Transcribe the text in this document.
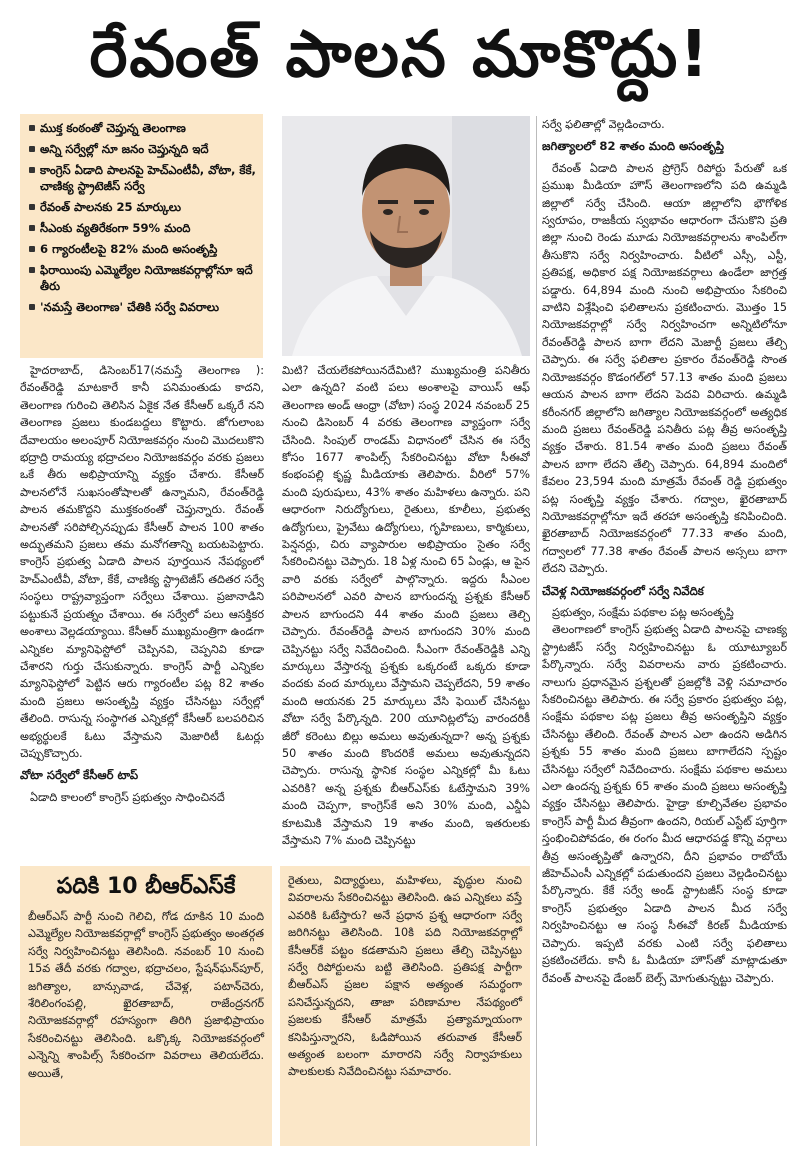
రేవంత్ పాలన మాకొద్దు!
ముక్త కంఠంతో చెప్తున్న తెలంగాణ
అన్ని సర్వేల్లో నూ జనం చెప్తున్నది ఇదే
కాంగ్రెస్ ఏడాది పాలనపై హెచ్ఎంటీవీ, వోటా, కేకే, చాణిక్య స్ట్రాటెజీస్ సర్వే
రేవంత్ పాలనకు 25 మార్కులు
సీఎంకు వ్యతిరేకంగా 59% మంది
6 గ్యారంటీలపై 82% మంది అసంతృప్తి
ఫిరాయింపు ఎమ్మెల్యేల నియోజకవర్గాల్లోనూ ఇదే తీరు
'నమస్తే తెలంగాణ' చేతికి సర్వే వివరాలు

హైదరాబాద్, డిసెంబర్17(నమస్తే తెలంగాణ ): రేవంత్‌రెడ్డి మాటకారే కానీ పనిమంతుడు కాదని, తెలంగాణ గురించి తెలిసిన ఏకైక నేత కేసీఆర్ ఒక్కరే నని తెలంగాణ ప్రజలు కుండబద్దలు కొట్టారు. జోగులాంబ దేవాలయం అలంపూర్ నియోజకవర్గం నుంచి మొదలుకొని భద్రాద్రి రామయ్య భద్రాచలం నియోజకవర్గం వరకు ప్రజలు ఒకే తీరు అభిప్రాయాన్ని వ్యక్తం చేశారు. కేసీఆర్ పాలనలోనే సుఖసంతోషాలతో ఉన్నామని, రేవంత్‌రెడ్డి పాలన తమకొద్దని ముక్తకంఠంతో చెప్తున్నారు. రేవంత్ పాలనతో సరిపోల్చినప్పుడు కేసీఆర్ పాలన 100 శాతం అద్భుతమని ప్రజలు తమ మనోగతాన్ని బయటపెట్టారు. కాంగ్రెస్ ప్రభుత్వ ఏడాది పాలన పూర్తయిన నేపథ్యంలో హెచ్ఎంటీవీ, వోటా, కేకే, చాణిక్య స్ట్రాటెజీస్ తదితర సర్వే సంస్థలు రాష్ట్రవ్యాప్తంగా సర్వేలు చేశాయి. ప్రజానాడిని పట్టుకునే ప్రయత్నం చేశాయి. ఈ సర్వేలో పలు ఆసక్తికర అంశాలు వెల్లడయ్యాయి. కేసీఆర్ ముఖ్యమంత్రిగా ఉండగా ఎన్నికల మ్యానిఫెస్టోలో చెప్పినవి, చెప్పనివి కూడా చేశారని గుర్తు చేసుకున్నారు. కాంగ్రెస్ పార్టీ ఎన్నికల మ్యానిఫెస్టోలో పెట్టిన ఆరు గ్యారంటీల పట్ల 82 శాతం మంది ప్రజలు అసంతృప్తి వ్యక్తం చేసినట్టు సర్వేల్లో తేలింది. రాసున్న సంస్థాగత ఎన్నికల్లో కేసీఆర్ బలపరిచిన అభ్యర్థులకే ఓటు వేస్తామని మెజారిటీ ఓటర్లు చెప్పుకొచ్చారు.

వోటా సర్వేలో కేసీఆర్ టాప్

ఏడాది కాలంలో కాంగ్రెస్ ప్రభుత్వం సాధించినదే

మిటి? చేయలేకపోయినదేమిటి? ముఖ్యమంత్రి పనితీరు ఎలా ఉన్నది? వంటి పలు అంశాలపై వాయిస్ ఆఫ్ తెలంగాణ అండ్ ఆంధ్రా (వోటా) సంస్థ 2024 నవంబర్ 25 నుంచి డిసెంబర్ 4 వరకు తెలంగాణ వ్యాప్తంగా సర్వే చేసింది. సింపుల్ రాండమ్ విధానంలో చేసిన ఈ సర్వే కోసం 1677 శాంపిల్స్ సేకరించినట్టు వోటా సీఈవో కంభంపల్లి కృష్ణ మీడియాకు తెలిపారు. వీరిలో 57% మంది పురుషులు, 43% శాతం మహిళలు ఉన్నారు. పని ఆధారంగా నిరుద్యోగులు, రైతులు, కూలీలు, ప్రభుత్వ ఉద్యోగులు, ప్రైవేటు ఉద్యోగులు, గృహిణులు, కార్మికులు, పెన్షనర్లు, చిరు వ్యాపారుల అభిప్రాయం సైతం సర్వే సేకరించినట్టు చెప్పారు. 18 ఏళ్ల నుంచి 65 ఏండ్లు, ఆ పైన వారి వరకు సర్వేలో పాల్గొన్నారు. ఇద్దరు సీఎంల పరిపాలనలో ఎవరి పాలన బాగుందన్న ప్రశ్నకు కేసీఆర్ పాలన బాగుందని 44 శాతం మంది ప్రజలు తెల్చి చెప్పారు. రేవంత్‌రెడ్డి పాలన బాగుందని 30% మంది చెప్పినట్టు సర్వే నివేదించింది. సీఎంగా రేవంత్‌రెడ్డికి ఎన్ని మార్కులు వేస్తారన్న ప్రశ్నకు ఒక్కరంటే ఒక్కరు కూడా వందకు వంద మార్కులు వేస్తామని చెప్పలేదని, 59 శాతం మంది ఆయనకు 25 మార్కులు వేసి ఫెయిల్ చేసినట్టు వోటా సర్వే పేర్కొన్నది. 200 యూనిట్లలోపు వారందరికీ జీరో కరెంటు బిల్లు అమలు అవుతున్నదా? అన్న ప్రశ్నకు 50 శాతం మంది కొందరికే అమలు అవుతున్నదని చెప్పారు. రాసున్న స్థానిక సంస్థల ఎన్నికల్లో మీ ఓటు ఎవరికి? అన్న ప్రశ్నకు బీఆర్ఎస్‌కు ఓటేస్తామని 39% మంది చెప్పగా, కాంగ్రెస్‌కే అని 30% మంది, ఎన్డీఏ కూటమికి వేస్తామని 19 శాతం మంది, ఇతరులకు వేస్తామని 7% మంది చెప్పినట్టు

సర్వే ఫలితాల్లో వెల్లడించారు.

జగిత్యాలలో 82 శాతం మంది అసంతృప్తి

రేవంత్ ఏడాది పాలన ప్రోగ్రెస్ రిపోర్టు పేరుతో ఒక ప్రముఖ మీడియా హౌస్ తెలంగాణలోని పది ఉమ్మడి జిల్లాలో సర్వే చేసింది. ఆయా జిల్లాలోని భౌగోళిక స్వరూపం, రాజకీయ స్వభావం ఆధారంగా చేసుకొని ప్రతి జిల్లా నుంచి రెండు మూడు నియోజకవర్గాలను శాంపిల్‌గా తీసుకొని సర్వే నిర్వహించారు. వీటిలో ఎస్సీ, ఎస్టీ, ప్రతిపక్ష, అధికార పక్ష నియోజకవర్గాలు ఉండేలా జాగ్రత్త పడ్డారు. 64,894 మంది నుంచి అభిప్రాయం సేకరించి వాటిని విశ్లేషించి ఫలితాలను ప్రకటించారు. మొత్తం 15 నియోజకవర్గాల్లో సర్వే నిర్వహించగా అన్నిటిలోనూ రేవంత్‌రెడ్డి పాలన బాగా లేదని మెజార్టీ ప్రజలు తేల్చి చెప్పారు. ఈ సర్వే ఫలితాల ప్రకారం రేవంత్‌రెడ్డి సొంత నియోజకవర్గం కొడంగల్‌లో 57.13 శాతం మంది ప్రజలు ఆయన పాలన బాగా లేదని పెదవి విరిచారు. ఉమ్మడి కరీంనగర్ జిల్లాలోని జగిత్యాల నియోజకవర్గంలో అత్యధిక మంది ప్రజలు రేవంత్‌రెడ్డి పనితీరు పట్ల తీవ్ర అసంతృప్తి వ్యక్తం చేశారు. 81.54 శాతం మంది ప్రజలు రేవంత్ పాలన బాగా లేదని తేల్చి చెప్పారు. 64,894 మందిలో కేవలం 23,594 మంది మాత్రమే రేవంత్ రెడ్డి ప్రభుత్వం పట్ల సంతృప్తి వ్యక్తం చేశారు. గద్వాల, ఖైరతాబాద్ నియోజకవర్గాల్లోనూ ఇదే తరహా అసంతృప్తి కనిపించింది. ఖైరతాబాద్ నియోజకవర్గంలో 77.33 శాతం మంది, గద్వాలలో 77.38 శాతం రేవంత్ పాలన అస్సలు బాగా లేదని చెప్పారు.

చేవెళ్ల నియోజకవర్గంలో సర్వే నివేదిక

ప్రభుత్వం, సంక్షేమ పథకాల పట్ల అసంతృప్తి

తెలంగాణలో కాంగ్రెస్ ప్రభుత్వ ఏడాది పాలనపై చాణక్య స్ట్రాటజీస్ సర్వే నిర్వహించినట్టు ఓ యూట్యూబర్ పేర్కొన్నారు. సర్వే వివరాలను వారు ప్రకటించారు. నాలుగు ప్రధానమైన ప్రశ్నలతో ప్రజల్లోకి వెళ్లి సమాచారం సేకరించినట్టు తెలిపారు. ఈ సర్వే ప్రకారం ప్రభుత్వం పట్ల, సంక్షేమ పథకాల పట్ల ప్రజలు తీవ్ర అసంతృప్తిని వ్యక్తం చేసినట్టు తేలింది. రేవంత్ పాలన ఎలా ఉందని అడిగిన ప్రశ్నకు 55 శాతం మంది ప్రజలు బాగాలేదని స్పష్టం చేసినట్టు సర్వేలో నివేదించారు. సంక్షేమ పథకాల అమలు ఎలా ఉందన్న ప్రశ్నకు 65 శాతం మంది ప్రజలు అసంతృప్తి వ్యక్తం చేసినట్టు తెలిపారు. హైడ్రా కూల్చివేతల ప్రభావం కాంగ్రెస్ పార్టీ మీద తీవ్రంగా ఉందని, రియల్ ఎస్టేట్ పూర్తిగా స్తంభించిపోవడం, ఈ రంగం మీద ఆధారపడ్డ కొన్ని వర్గాలు తీవ్ర అసంతృప్తితో ఉన్నారని, దీని ప్రభావం రాబోయే జీహెచ్ఎంసీ ఎన్నికల్లో పడుతుందని ప్రజలు వెల్లడించినట్టు పేర్కొన్నారు. కేకే సర్వే అండ్ స్ట్రాటజీస్ సంస్థ కూడా కాంగ్రెస్ ప్రభుత్వం ఏడాది పాలన మీద సర్వే నిర్వహించినట్టు ఆ సంస్థ సీఈవో కిరణ్ మీడియాకు చెప్పారు. ఇప్పటి వరకు ఎంటి సర్వే ఫలితాలు ప్రకటించలేదు. కానీ ఓ మీడియా హౌస్‌తో మాట్లాడుతూ రేవంత్ పాలనపై డేంజర్ బెల్స్ మోగుతున్నట్టు చెప్పారు.

పదికి 10 బీఆర్ఎస్‌కే

బీఆర్ఎస్ పార్టీ నుంచి గెలిచి, గోడ దూకిన 10 మంది ఎమ్మెల్యేల నియోజకవర్గాల్లో కాంగ్రెస్ ప్రభుత్వం అంతర్గత సర్వే నిర్వహించినట్టు తెలిసింది. నవంబర్ 10 నుంచి 15వ తేదీ వరకు గద్వాల, భద్రాచలం, స్టేషన్‌ఘన్‌పూర్, జగిత్యాల, బాన్సువాడ, చేవెళ్ల, పటాన్‌చెరు, శేరిలింగంపల్లి, ఖైరతాబాద్, రాజేంద్రనగర్ నియోజకవర్గాల్లో రహస్యంగా తిరిగి ప్రజాభిప్రాయం సేకరించినట్టు తెలిసింది. ఒక్కొక్క నియోజకవర్గంలో ఎన్నెన్ని శాంపిల్స్ సేకరించగా వివరాలు తెలియలేదు. అయితే,

రైతులు, విద్యార్థులు, మహిళలు, వృద్ధుల నుంచి వివరాలను సేకరించినట్టు తెలిసింది. ఉప ఎన్నికలు వస్తే ఎవరికి ఓటేస్తారు? అనే ప్రధాన ప్రశ్న ఆధారంగా సర్వే జరిగినట్టు తెలిసింది. 10కి పది నియోజకవర్గాల్లో కేసీఆర్‌కే పట్టం కడతామని ప్రజలు తేల్చి చెప్పినట్టు సర్వే రిపోర్టులను బట్టి తెలిసింది. ప్రతిపక్ష పార్టీగా బీఆర్ఎస్ ప్రజల పక్షాన అత్యంత సమర్థంగా పనిచేస్తున్నదని, తాజా పరిణామాల నేపథ్యంలో ప్రజలకు కేసీఆర్ మాత్రమే ప్రత్యామ్నాయంగా కనిపిస్తున్నారని, ఓడిపోయిన తరువాత కేసీఆర్ అత్యంత బలంగా మారారని సర్వే నిర్వాహకులు పాలకులకు నివేదించినట్టు సమాచారం.
